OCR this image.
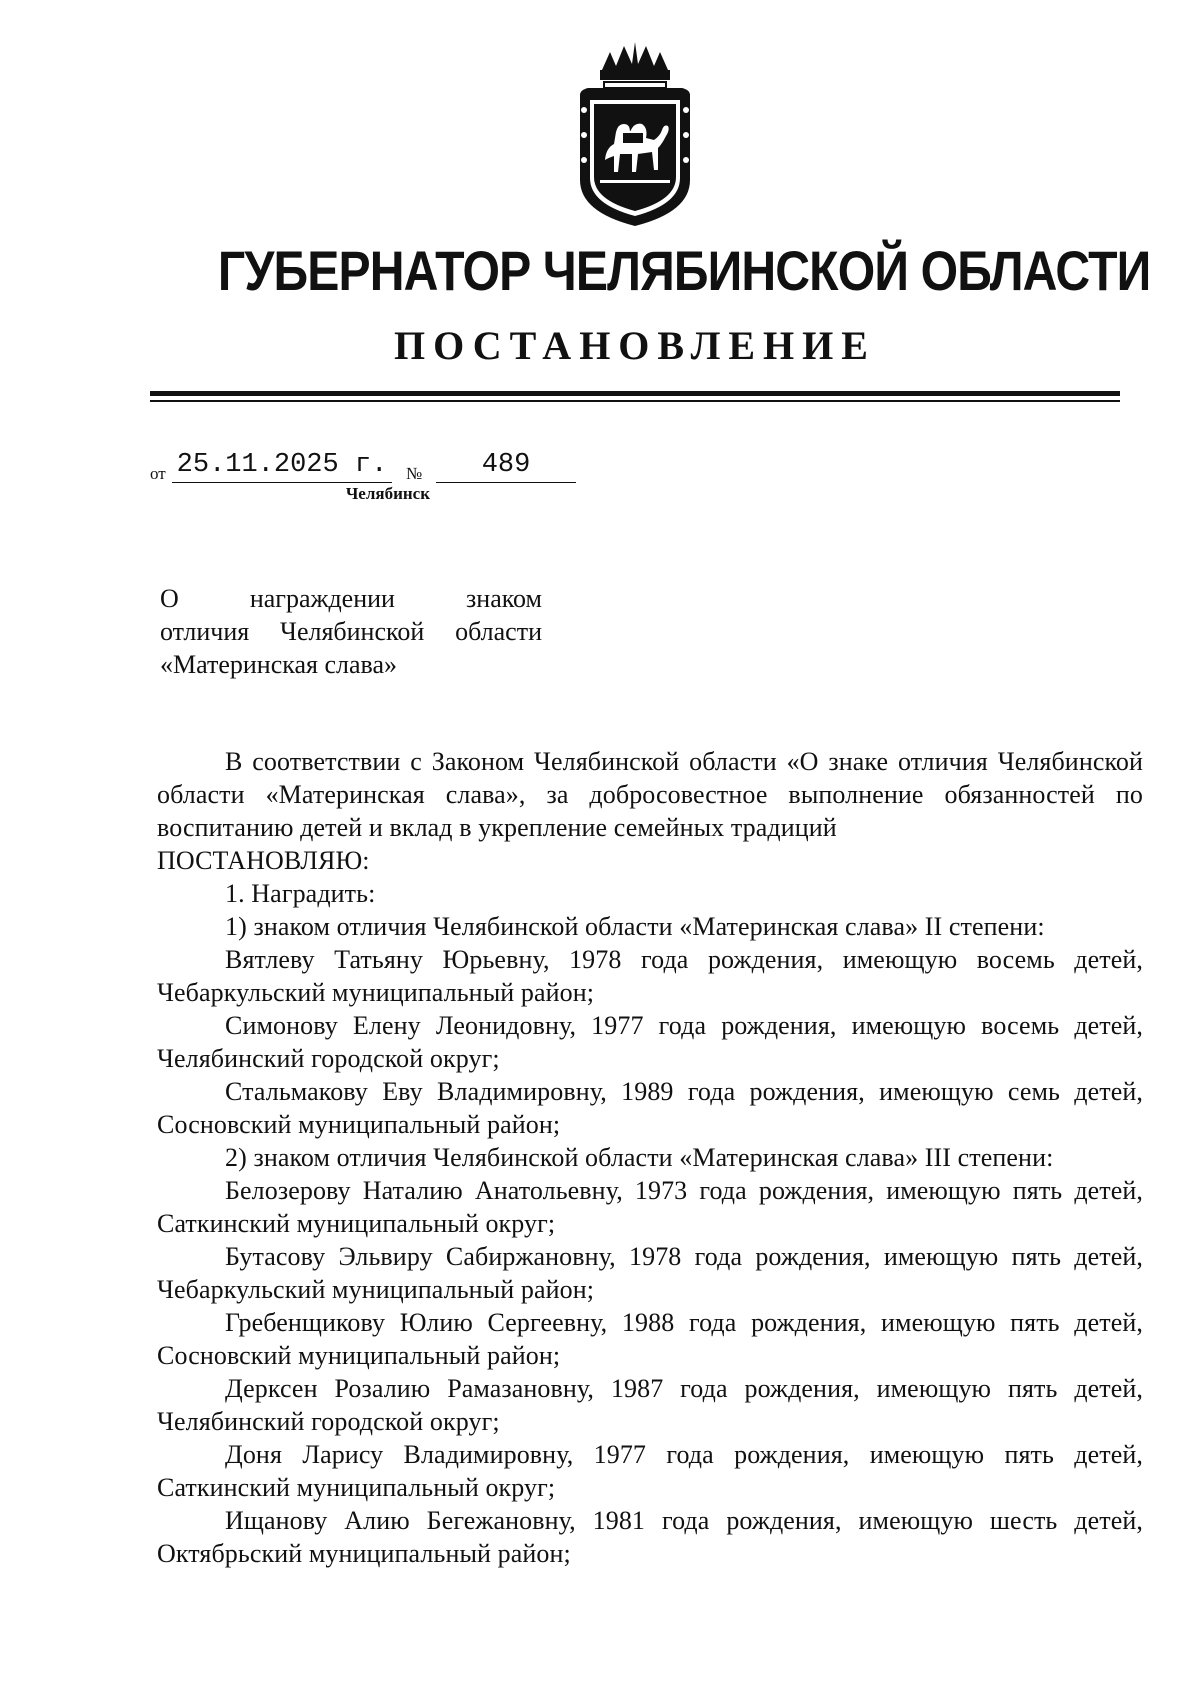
ГУБЕРНАТОР ЧЕЛЯБИНСКОЙ ОБЛАСТИ
ПОСТАНОВЛЕНИЕ
от 25.11.2025 г. №	489
Челябинск
О награждении знаком
отличия Челябинской области
«Материнская слава»

В соответствии с Законом Челябинской области «О знаке отличия Челябинской области «Материнская слава», за добросовестное выполнение обязанностей по воспитанию детей и вклад в укрепление семейных традиций

ПОСТАНОВЛЯЮ:

1. Наградить:

1) знаком отличия Челябинской области «Материнская слава» II степени:

Вятлеву Татьяну Юрьевну, 1978 года рождения, имеющую восемь детей, Чебаркульский муниципальный район;

Симонову Елену Леонидовну, 1977 года рождения, имеющую восемь детей, Челябинский городской округ;

Стальмакову Еву Владимировну, 1989 года рождения, имеющую семь детей, Сосновский муниципальный район;

2) знаком отличия Челябинской области «Материнская слава» III степени:

Белозерову Наталию Анатольевну, 1973 года рождения, имеющую пять детей, Саткинский муниципальный округ;

Бутасову Эльвиру Сабиржановну, 1978 года рождения, имеющую пять детей, Чебаркульский муниципальный район;

Гребенщикову Юлию Сергеевну, 1988 года рождения, имеющую пять детей, Сосновский муниципальный район;

Дерксен Розалию Рамазановну, 1987 года рождения, имеющую пять детей, Челябинский городской округ;

Доня Ларису Владимировну, 1977 года рождения, имеющую пять детей, Саткинский муниципальный округ;

Ищанову Алию Бегежановну, 1981 года рождения, имеющую шесть детей, Октябрьский муниципальный район;
